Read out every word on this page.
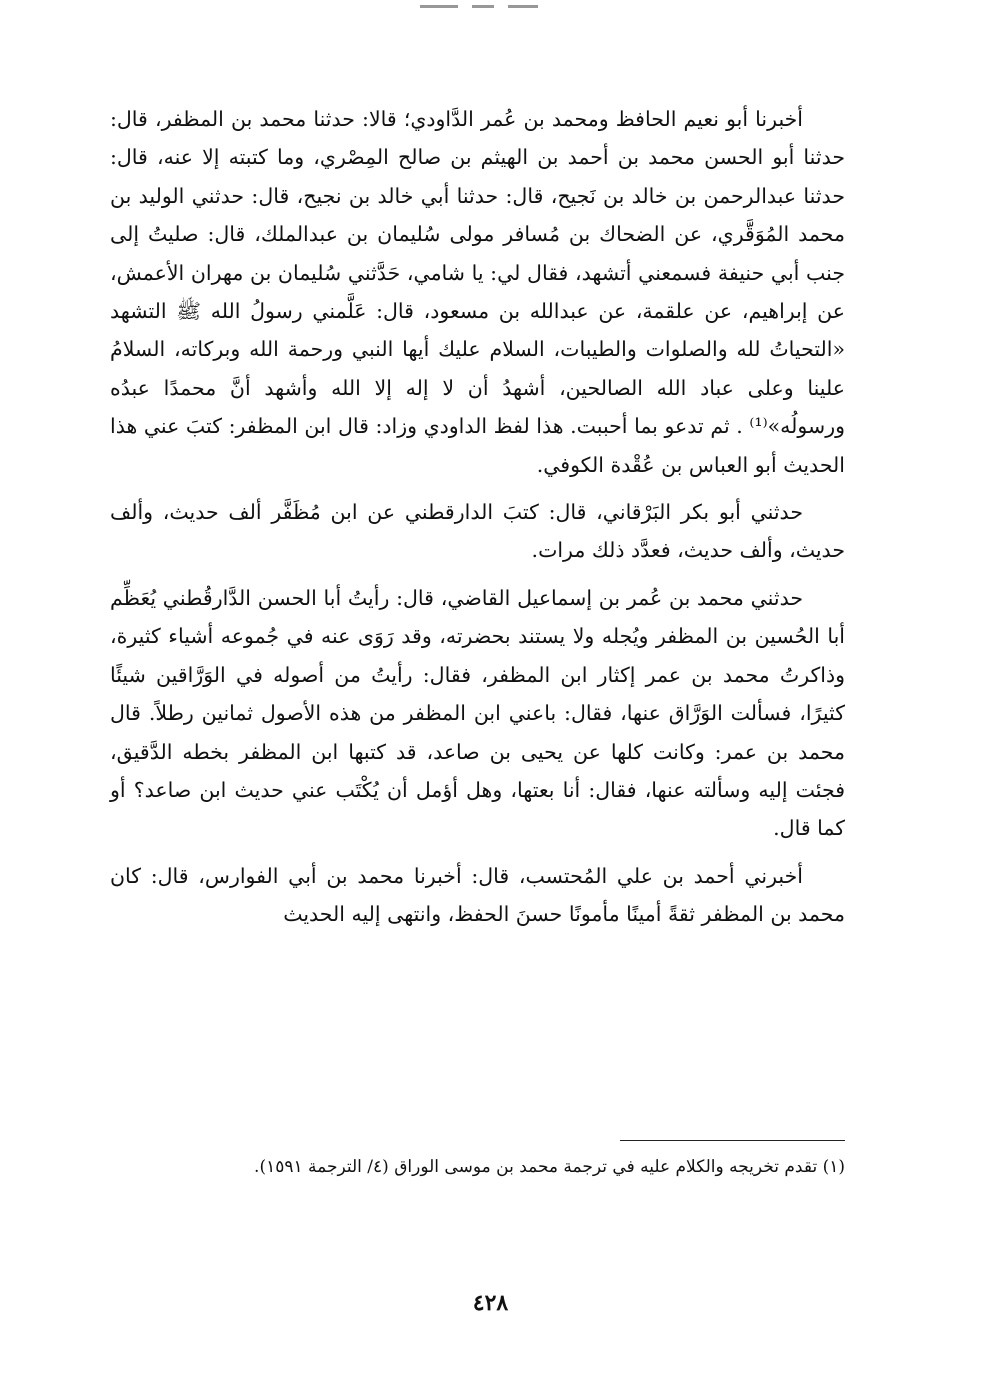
أخبرنا أبو نعيم الحافظ ومحمد بن عُمر الدَّاودي؛ قالا: حدثنا محمد بن المظفر، قال: حدثنا أبو الحسن محمد بن أحمد بن الهيثم بن صالح المِصْري، وما كتبته إلا عنه، قال: حدثنا عبدالرحمن بن خالد بن نَجيح، قال: حدثنا أبي خالد بن نجيح، قال: حدثني الوليد بن محمد المُوَقَّري، عن الضحاك بن مُسافر مولى سُليمان بن عبدالملك، قال: صليتُ إلى جنب أبي حنيفة فسمعني أتشهد، فقال لي: يا شامي، حَدَّثني سُليمان بن مهران الأعمش، عن إبراهيم، عن علقمة، عن عبدالله بن مسعود، قال: عَلَّمني رسولُ الله ﷺ التشهد «التحياتُ لله والصلوات والطيبات، السلام عليك أيها النبي ورحمة الله وبركاته، السلامُ علينا وعلى عباد الله الصالحين، أشهدُ أن لا إله إلا الله وأشهد أنَّ محمدًا عبدُه ورسولُه»⁽¹⁾ . ثم تدعو بما أحببت. هذا لفظ الداودي وزاد: قال ابن المظفر: كتبَ عني هذا الحديث أبو العباس بن عُقْدة الكوفي.

حدثني أبو بكر البَرْقاني، قال: كتبَ الدارقطني عن ابن مُظَفَّر ألف حديث، وألف حديث، وألف حديث، فعدَّد ذلك مرات.

حدثني محمد بن عُمر بن إسماعيل القاضي، قال: رأيتُ أبا الحسن الدَّارقُطني يُعَظِّم أبا الحُسين بن المظفر ويُجله ولا يستند بحضرته، وقد رَوَى عنه في جُموعه أشياء كثيرة، وذاكرتُ محمد بن عمر إكثار ابن المظفر، فقال: رأيتُ من أصوله في الوَرَّاقين شيئًا كثيرًا، فسألت الوَرَّاق عنها، فقال: باعني ابن المظفر من هذه الأصول ثمانين رطلاً. قال محمد بن عمر: وكانت كلها عن يحيى بن صاعد، قد كتبها ابن المظفر بخطه الدَّقيق، فجئت إليه وسألته عنها، فقال: أنا بعتها، وهل أؤمل أن يُكْتَب عني حديث ابن صاعد؟ أو كما قال.

أخبرني أحمد بن علي المُحتسب، قال: أخبرنا محمد بن أبي الفوارس، قال: كان محمد بن المظفر ثقةً أمينًا مأمونًا حسنَ الحفظ، وانتهى إليه الحديث

(١) تقدم تخريجه والكلام عليه في ترجمة محمد بن موسى الوراق (٤/ الترجمة ١٥٩١).
٤٢٨
